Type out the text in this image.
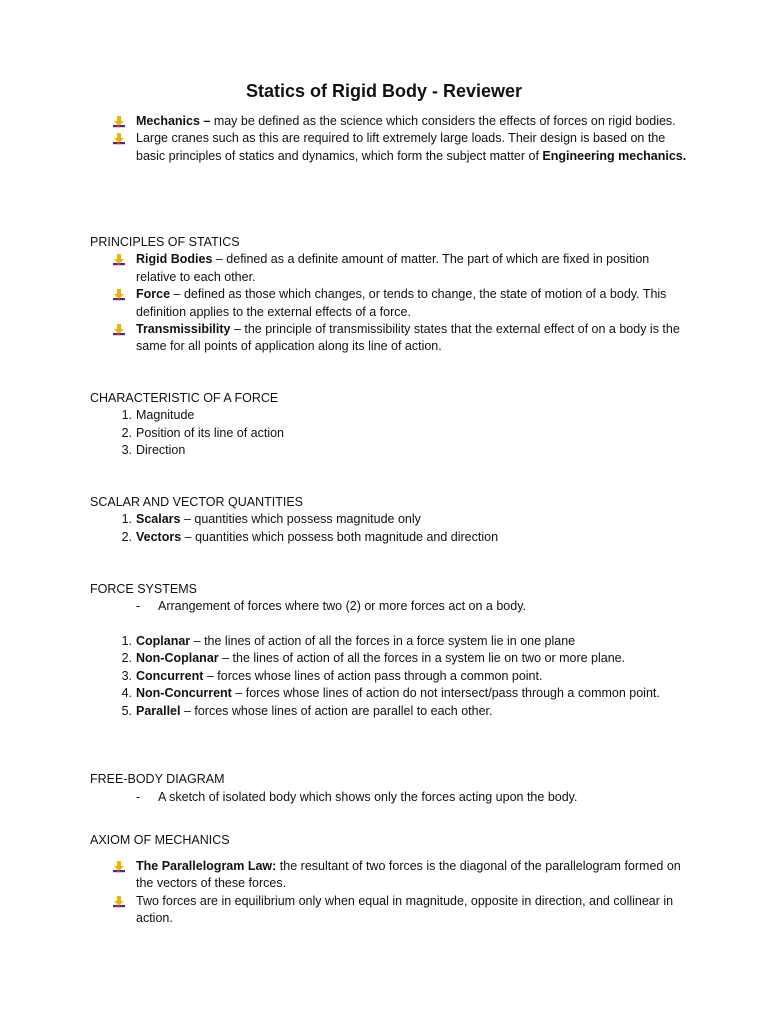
Statics of Rigid Body - Reviewer
Mechanics – may be defined as the science which considers the effects of forces on rigid bodies.
Large cranes such as this are required to lift extremely large loads. Their design is based on the basic principles of statics and dynamics, which form the subject matter of Engineering mechanics.

PRINCIPLES OF STATICS

Rigid Bodies – defined as a definite amount of matter. The part of which are fixed in position relative to each other.
Force – defined as those which changes, or tends to change, the state of motion of a body. This definition applies to the external effects of a force.
Transmissibility – the principle of transmissibility states that the external effect of on a body is the same for all points of application along its line of action.

CHARACTERISTIC OF A FORCE

1. Magnitude
2. Position of its line of action
3. Direction

SCALAR AND VECTOR QUANTITIES

1. Scalars – quantities which possess magnitude only
2. Vectors – quantities which possess both magnitude and direction

FORCE SYSTEMS

- Arrangement of forces where two (2) or more forces act on a body.
1. Coplanar – the lines of action of all the forces in a force system lie in one plane
2. Non-Coplanar – the lines of action of all the forces in a system lie on two or more plane.
3. Concurrent – forces whose lines of action pass through a common point.
4. Non-Concurrent – forces whose lines of action do not intersect/pass through a common point.
5. Parallel – forces whose lines of action are parallel to each other.

FREE-BODY DIAGRAM

- A sketch of isolated body which shows only the forces acting upon the body.

AXIOM OF MECHANICS

The Parallelogram Law: the resultant of two forces is the diagonal of the parallelogram formed on the vectors of these forces.
Two forces are in equilibrium only when equal in magnitude, opposite in direction, and collinear in action.
